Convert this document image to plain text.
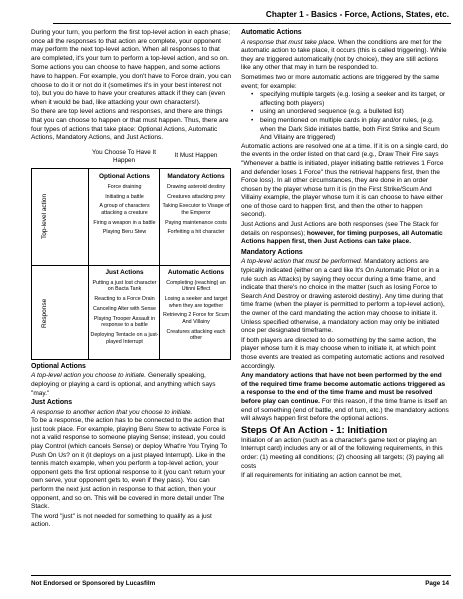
Chapter 1 - Basics - Force, Actions, States, etc.

During your turn, you perform the first top-level action in each phase; once all the responses to that action are complete, your opponent may perform the next top-level action. When all responses to that are completed, it's your turn to perform a top-level action, and so on.

Some actions you can choose to have happen, and some actions have to happen. For example, you don't have to Force drain, you can choose to do it or not do it (sometimes it's in your best interest not to), but you do have to have your creatures attack if they can (even when it would be bad, like attacking your own characters!).

So there are top level actions and responses, and there are things that you can choose to happen or that must happen. Thus, there are four types of actions that take place: Optional Actions, Automatic Actions, Mandatory Actions, and Just Actions.

You Choose To Have It Happen
It Must Happen
Top-level action
Response
Optional Actions
Force draining
Initiating a battle
A group of characters attacking a creature
Firing a weapon in a battle
Playing Beru Stew
Mandatory Actions
Drawing asteroid destiny
Creatures attacking prey
Taking Executor to Visage of the Emperor
Paying maintenance costs
Forfeiting a hit character
Just Actions
Putting a just lost character on Bacta Tank
Reacting to a Force Drain
Canceling Alter with Sense
Playing Trooper Assault in response to a battle
Deploying Tentacle on a just-played Interrupt
Automatic Actions
Completing (reaching) an Utinni Effect
Losing a seeker and target when they are together
Retrieving 2 Force for Scum And Villainy
Creatures attacking each other

Optional Actions

A top-level action you choose to initiate. Generally speaking, deploying or playing a card is optional, and anything which says "may."

Just Actions

A response to another action that you choose to initiate.

To be a response, the action has to be connected to the action that just took place. For example, playing Beru Stew to activate Force is not a valid response to someone playing Sense; instead, you could play Control (which cancels Sense) or deploy What're You Trying To Push On Us? on it (it deploys on a just played Interrupt). Like in the tennis match example, when you perform a top-level action, your opponent gets the first optional response to it (you can't return your own serve, your opponent gets to, even if they pass). You can perform the next just action in response to that action, then your opponent, and so on. This will be covered in more detail under The Stack.

The word "just" is not needed for something to qualify as a just action.

Automatic Actions

A response that must take place. When the conditions are met for the automatic action to take place, it occurs (this is called triggering). While they are triggered automatically (not by choice), they are still actions like any other that may in turn be responded to.

Sometimes two or more automatic actions are triggered by the same event; for example:

• specifying multiple targets (e.g. losing a seeker and its target, or affecting both players)
• using an unordered sequence (e.g. a bulleted list)
• being mentioned on multiple cards in play and/or rules, (e.g. when the Dark Side initiates battle, both First Strike and Scum And Villainy are triggered)

Automatic actions are resolved one at a time. If it is on a single card, do the events in the order listed on that card (e.g., Draw Their Fire says "Whenever a battle is initiated, player initiating battle retrieves 1 Force and defender loses 1 Force" thus the retrieval happens first, then the Force loss). In all other circumstances, they are done in an order chosen by the player whose turn it is (in the First Strike/Scum And Villainy example, the player whose turn it is can choose to have either one of those card to happen first, and then the other to happen second).

Just Actions and Just Actions are both responses (see The Stack for details on responses); however, for timing purposes, all Automatic Actions happen first, then Just Actions can take place.

Mandatory Actions

A top-level action that must be performed. Mandatory actions are typically indicated (either on a card like It's On Automatic Pilot or in a rule such as Attacks) by saying they occur during a time frame, and indicate that there's no choice in the matter (such as losing Force to Search And Destroy or drawing asteroid destiny). Any time during that time frame (when the player is permitted to perform a top-level action), the owner of the card mandating the action may choose to initiate it. Unless specified otherwise, a mandatory action may only be initiated once per designated timeframe.

If both players are directed to do something by the same action, the player whose turn it is may choose when to initiate it, at which point those events are treated as competing automatic actions and resolved accordingly.

Any mandatory actions that have not been performed by the end of the required time frame become automatic actions triggered as a response to the end of the time frame and must be resolved before play can continue. For this reason, if the time frame is itself an end of something (end of battle, end of turn, etc.) the mandatory actions will always happen first before the optional actions.

Steps Of An Action - 1: Initiation

Initiation of an action (such as a character's game text or playing an Interrupt card) includes any or all of the following requirements, in this order: (1) meeting all conditions; (2) choosing all targets; (3) paying all costs

If all requirements for initiating an action cannot be met,

Not Endorsed or Sponsored by Lucasfilm	Page 14
